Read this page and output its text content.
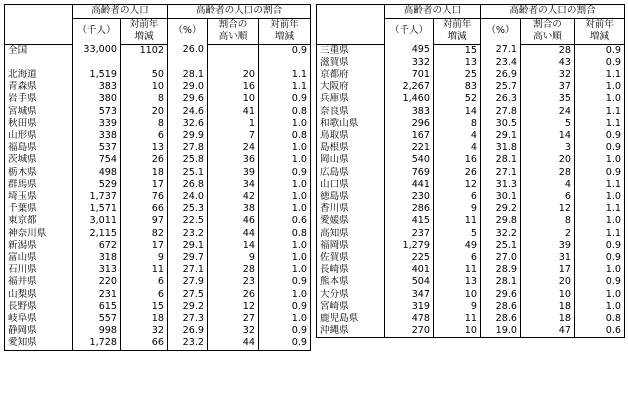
	高齢者の人口		高齢者の人口の割合		
	（千人）	対前年	（%）	割合の	対前年
		増減		高い順	増減
全国	33,000	1102	26.0		0.9

北海道	1,519	50	28.1	20	1.1
青森県	383	10	29.0	16	1.1
岩手県	380	8	29.6	10	0.9
宮城県	573	20	24.6	41	0.8
秋田県	339	8	32.6	1	1.0
山形県	338	6	29.9	7	0.8
福島県	537	13	27.8	24	1.0
茨城県	754	26	25.8	36	1.0
栃木県	498	18	25.1	39	0.9
群馬県	529	17	26.8	34	1.0
埼玉県	1,737	76	24.0	42	1.0
千葉県	1,571	66	25.3	38	1.0
東京都	3,011	97	22.5	46	0.6
神奈川県	2,115	82	23.2	44	0.8
新潟県	672	17	29.1	14	1.0
富山県	318	9	29.7	9	1.0
石川県	313	11	27.1	28	1.0
福井県	220	6	27.9	23	0.9
山梨県	231	6	27.5	26	1.0
長野県	615	15	29.2	12	0.9
岐阜県	557	18	27.3	27	1.0
静岡県	998	32	26.9	32	0.9
愛知県	1,728	66	23.2	44	0.9
	高齢者の人口		高齢者の人口の割合		
	（千人）	対前年	（%）	割合の	対前年
		増減		高い順	増減
三重県	495	15	27.1	28	0.9
滋賀県	332	13	23.4	43	0.9
京都府	701	25	26.9	32	1.1
大阪府	2,267	83	25.7	37	1.0
兵庫県	1,460	52	26.3	35	1.0
奈良県	383	14	27.8	24	1.1
和歌山県	296	8	30.5	5	1.1
鳥取県	167	4	29.1	14	0.9
島根県	221	4	31.8	3	0.9
岡山県	540	16	28.1	20	1.0
広島県	769	26	27.1	28	0.9
山口県	441	12	31.3	4	1.1
徳島県	230	6	30.1	6	1.0
香川県	286	9	29.2	12	1.1
愛媛県	415	11	29.8	8	1.0
高知県	237	5	32.2	2	1.1
福岡県	1,279	49	25.1	39	0.9
佐賀県	225	6	27.0	31	0.9
長崎県	401	11	28.9	17	1.0
熊本県	504	13	28.1	20	0.9
大分県	347	10	29.6	10	1.0
宮崎県	319	9	28.6	18	1.0
鹿児島県	478	11	28.6	18	0.8
沖縄県	270	10	19.0	47	0.6
